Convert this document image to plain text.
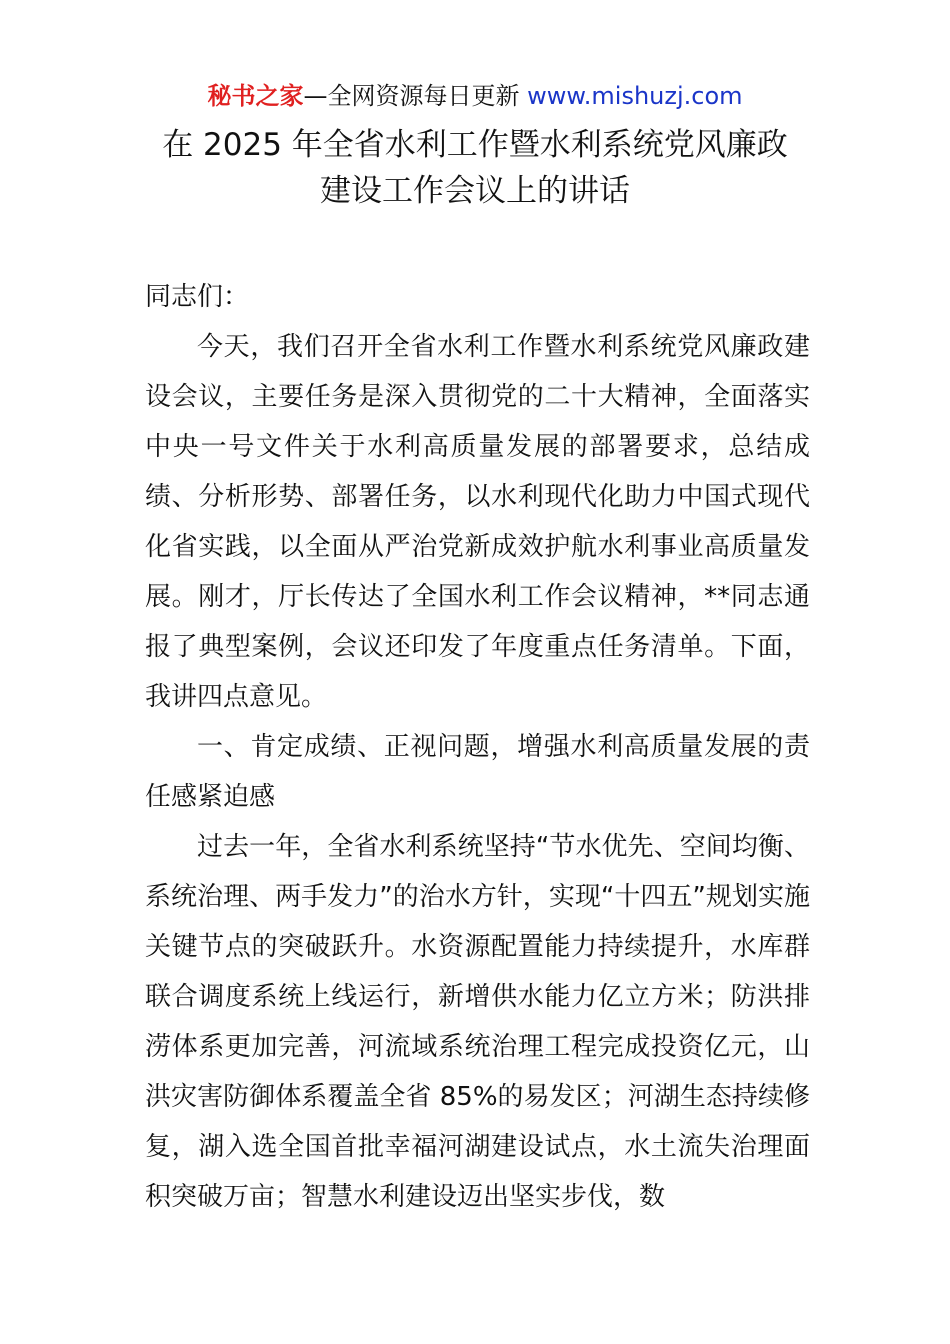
秘书之家—全网资源每日更新 www.mishuzj.com
在 2025 年全省水利工作暨水利系统党风廉政
建设工作会议上的讲话
同志们：

今天，我们召开全省水利工作暨水利系统党风廉政建设会议，主要任务是深入贯彻党的二十大精神，全面落实中央一号文件关于水利高质量发展的部署要求，总结成绩、分析形势、部署任务，以水利现代化助力中国式现代化省实践，以全面从严治党新成效护航水利事业高质量发展。刚才，厅长传达了全国水利工作会议精神，**同志通报了典型案例，会议还印发了年度重点任务清单。下面，我讲四点意见。

一、肯定成绩、正视问题，增强水利高质量发展的责任感紧迫感

过去一年，全省水利系统坚持“节水优先、空间均衡、系统治理、两手发力”的治水方针，实现“十四五”规划实施关键节点的突破跃升。水资源配置能力持续提升，水库群联合调度系统上线运行，新增供水能力亿立方米；防洪排涝体系更加完善，河流域系统治理工程完成投资亿元，山洪灾害防御体系覆盖全省 85%的易发区；河湖生态持续修复，湖入选全国首批幸福河湖建设试点，水土流失治理面积突破万亩；智慧水利建设迈出坚实步伐，数
